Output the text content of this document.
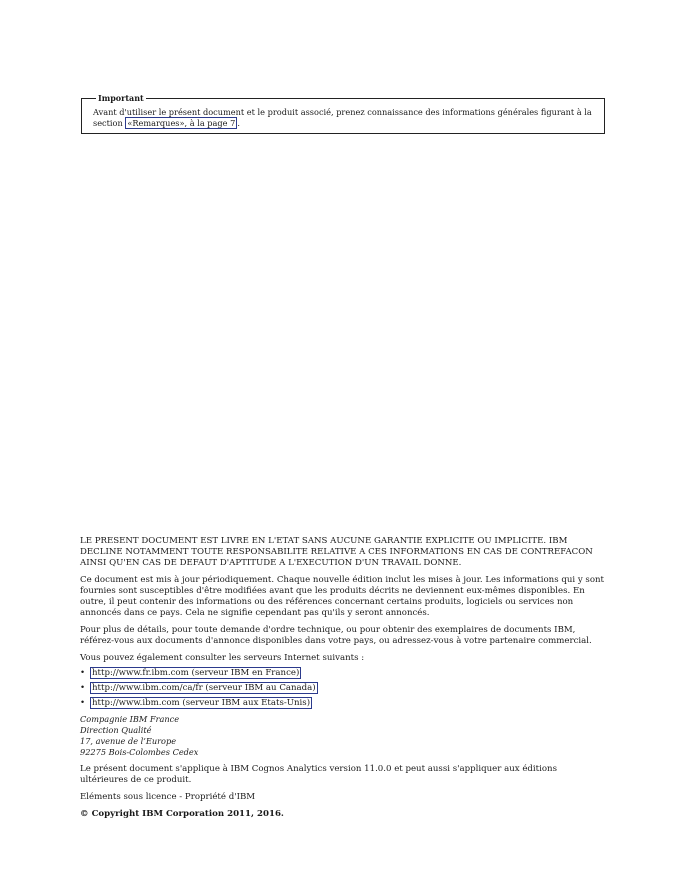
Important
Avant d'utiliser le présent document et le produit associé, prenez connaissance des informations générales figurant à la section «Remarques», à la page 7 .

LE PRESENT DOCUMENT EST LIVRE EN L'ETAT SANS AUCUNE GARANTIE EXPLICITE OU IMPLICITE. IBM DECLINE NOTAMMENT TOUTE RESPONSABILITE RELATIVE A CES INFORMATIONS EN CAS DE CONTREFACON AINSI QU'EN CAS DE DEFAUT D'APTITUDE A L'EXECUTION D'UN TRAVAIL DONNE.

Ce document est mis à jour périodiquement. Chaque nouvelle édition inclut les mises à jour. Les informations qui y sont fournies sont susceptibles d'être modifiées avant que les produits décrits ne deviennent eux-mêmes disponibles. En outre, il peut contenir des informations ou des références concernant certains produits, logiciels ou services non annoncés dans ce pays. Cela ne signifie cependant pas qu'ils y seront annoncés.

Pour plus de détails, pour toute demande d'ordre technique, ou pour obtenir des exemplaires de documents IBM, référez-vous aux documents d'annonce disponibles dans votre pays, ou adressez-vous à votre partenaire commercial.

Vous pouvez également consulter les serveurs Internet suivants :

• http://www.fr.ibm.com (serveur IBM en France)
• http://www.ibm.com/ca/fr (serveur IBM au Canada)
• http://www.ibm.com (serveur IBM aux Etats-Unis)
Compagnie IBM France
Direction Qualité
17, avenue de l’Europe
92275 Bois-Colombes Cedex

Le présent document s'applique à IBM Cognos Analytics version 11.0.0 et peut aussi s'appliquer aux éditions ultérieures de ce produit.

Eléments sous licence - Propriété d'IBM

© Copyright IBM Corporation 2011, 2016.
